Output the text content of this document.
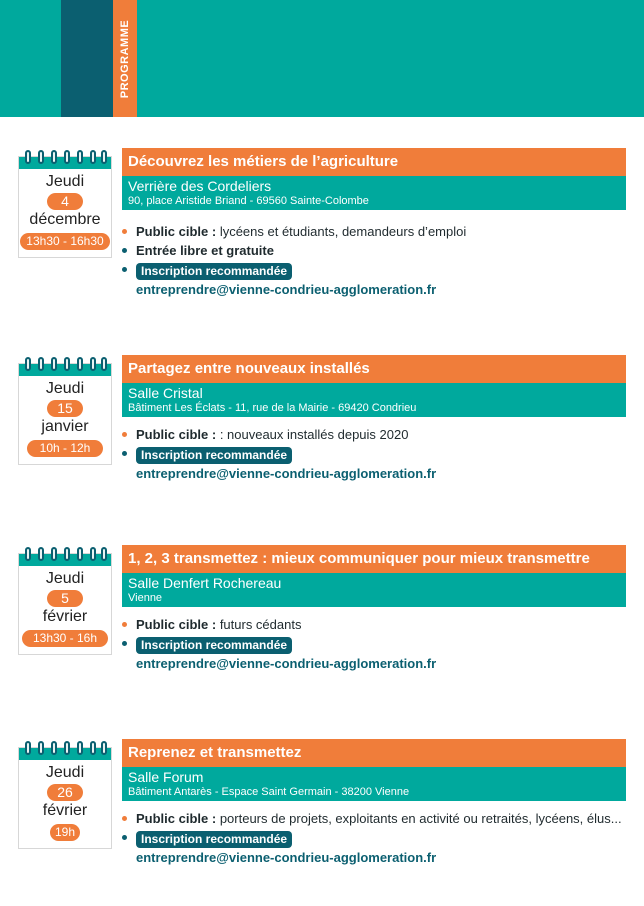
PROGRAMME
Jeudi
4
décembre
13h30 - 16h30
Découvrez les métiers de l’agriculture
Verrière des Cordeliers
90, place Aristide Briand - 69560 Sainte-Colombe
Public cible : lycéens et étudiants, demandeurs d’emploi
Entrée libre et gratuite
Inscription recommandée
entreprendre@vienne-condrieu-agglomeration.fr
Jeudi
15
janvier
10h - 12h
Partagez entre nouveaux installés
Salle Cristal
Bâtiment Les Éclats - 11, rue de la Mairie - 69420 Condrieu
Public cible : : nouveaux installés depuis 2020
Inscription recommandée
entreprendre@vienne-condrieu-agglomeration.fr
Jeudi
5
février
13h30 - 16h
1, 2, 3 transmettez : mieux communiquer pour mieux transmettre
Salle Denfert Rochereau
Vienne
Public cible : futurs cédants
Inscription recommandée
entreprendre@vienne-condrieu-agglomeration.fr
Jeudi
26
février
19h
Reprenez et transmettez
Salle Forum
Bâtiment Antarès - Espace Saint Germain - 38200 Vienne
Public cible : porteurs de projets, exploitants en activité ou retraités, lycéens, élus...
Inscription recommandée
entreprendre@vienne-condrieu-agglomeration.fr
